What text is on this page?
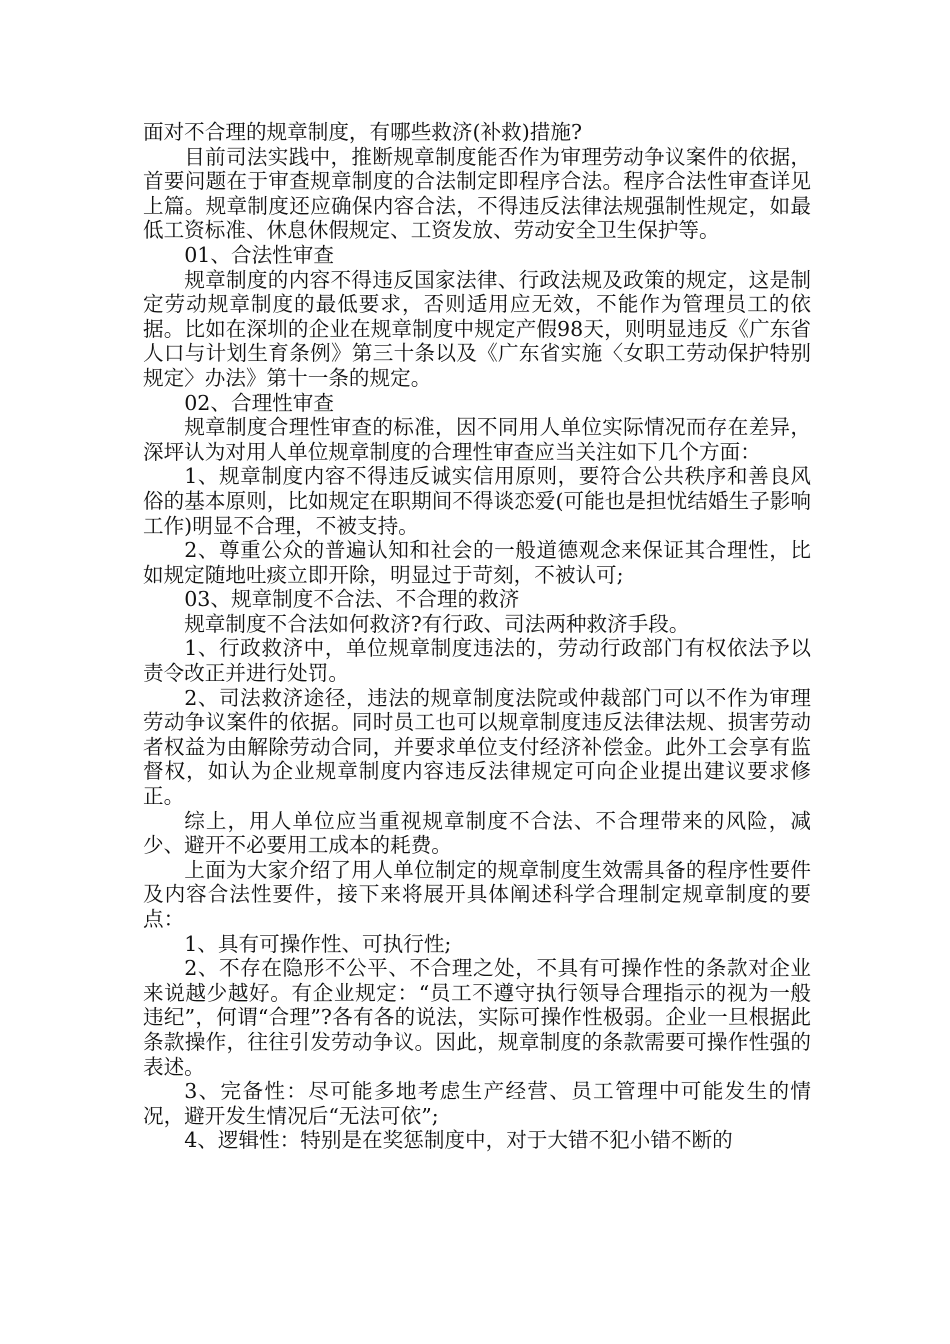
面对不合理的规章制度，有哪些救济(补救)措施?

目前司法实践中，推断规章制度能否作为审理劳动争议案件的依据，首要问题在于审查规章制度的合法制定即程序合法。程序合法性审查详见上篇。规章制度还应确保内容合法，不得违反法律法规强制性规定，如最低工资标准、休息休假规定、工资发放、劳动安全卫生保护等。

01、合法性审查

规章制度的内容不得违反国家法律、行政法规及政策的规定，这是制定劳动规章制度的最低要求，否则适用应无效，不能作为管理员工的依据。比如在深圳的企业在规章制度中规定产假98天，则明显违反《广东省人口与计划生育条例》第三十条以及《广东省实施〈女职工劳动保护特别规定〉办法》第十一条的规定。

02、合理性审查

规章制度合理性审查的标准，因不同用人单位实际情况而存在差异，深坪认为对用人单位规章制度的合理性审查应当关注如下几个方面：

1、规章制度内容不得违反诚实信用原则，要符合公共秩序和善良风俗的基本原则，比如规定在职期间不得谈恋爱(可能也是担忧结婚生子影响工作)明显不合理，不被支持。

2、尊重公众的普遍认知和社会的一般道德观念来保证其合理性，比如规定随地吐痰立即开除，明显过于苛刻，不被认可;

03、规章制度不合法、不合理的救济

规章制度不合法如何救济?有行政、司法两种救济手段。

1、行政救济中，单位规章制度违法的，劳动行政部门有权依法予以责令改正并进行处罚。

2、司法救济途径，违法的规章制度法院或仲裁部门可以不作为审理劳动争议案件的依据。同时员工也可以规章制度违反法律法规、损害劳动者权益为由解除劳动合同，并要求单位支付经济补偿金。此外工会享有监督权，如认为企业规章制度内容违反法律规定可向企业提出建议要求修正。

综上，用人单位应当重视规章制度不合法、不合理带来的风险，减少、避开不必要用工成本的耗费。

上面为大家介绍了用人单位制定的规章制度生效需具备的程序性要件及内容合法性要件，接下来将展开具体阐述科学合理制定规章制度的要点：

1、具有可操作性、可执行性;

2、不存在隐形不公平、不合理之处，不具有可操作性的条款对企业来说越少越好。有企业规定：“员工不遵守执行领导合理指示的视为一般违纪”，何谓“合理”?各有各的说法，实际可操作性极弱。企业一旦根据此条款操作，往往引发劳动争议。因此，规章制度的条款需要可操作性强的表述。

3、完备性：尽可能多地考虑生产经营、员工管理中可能发生的情况，避开发生情况后“无法可依”;

4、逻辑性：特别是在奖惩制度中，对于大错不犯小错不断的
